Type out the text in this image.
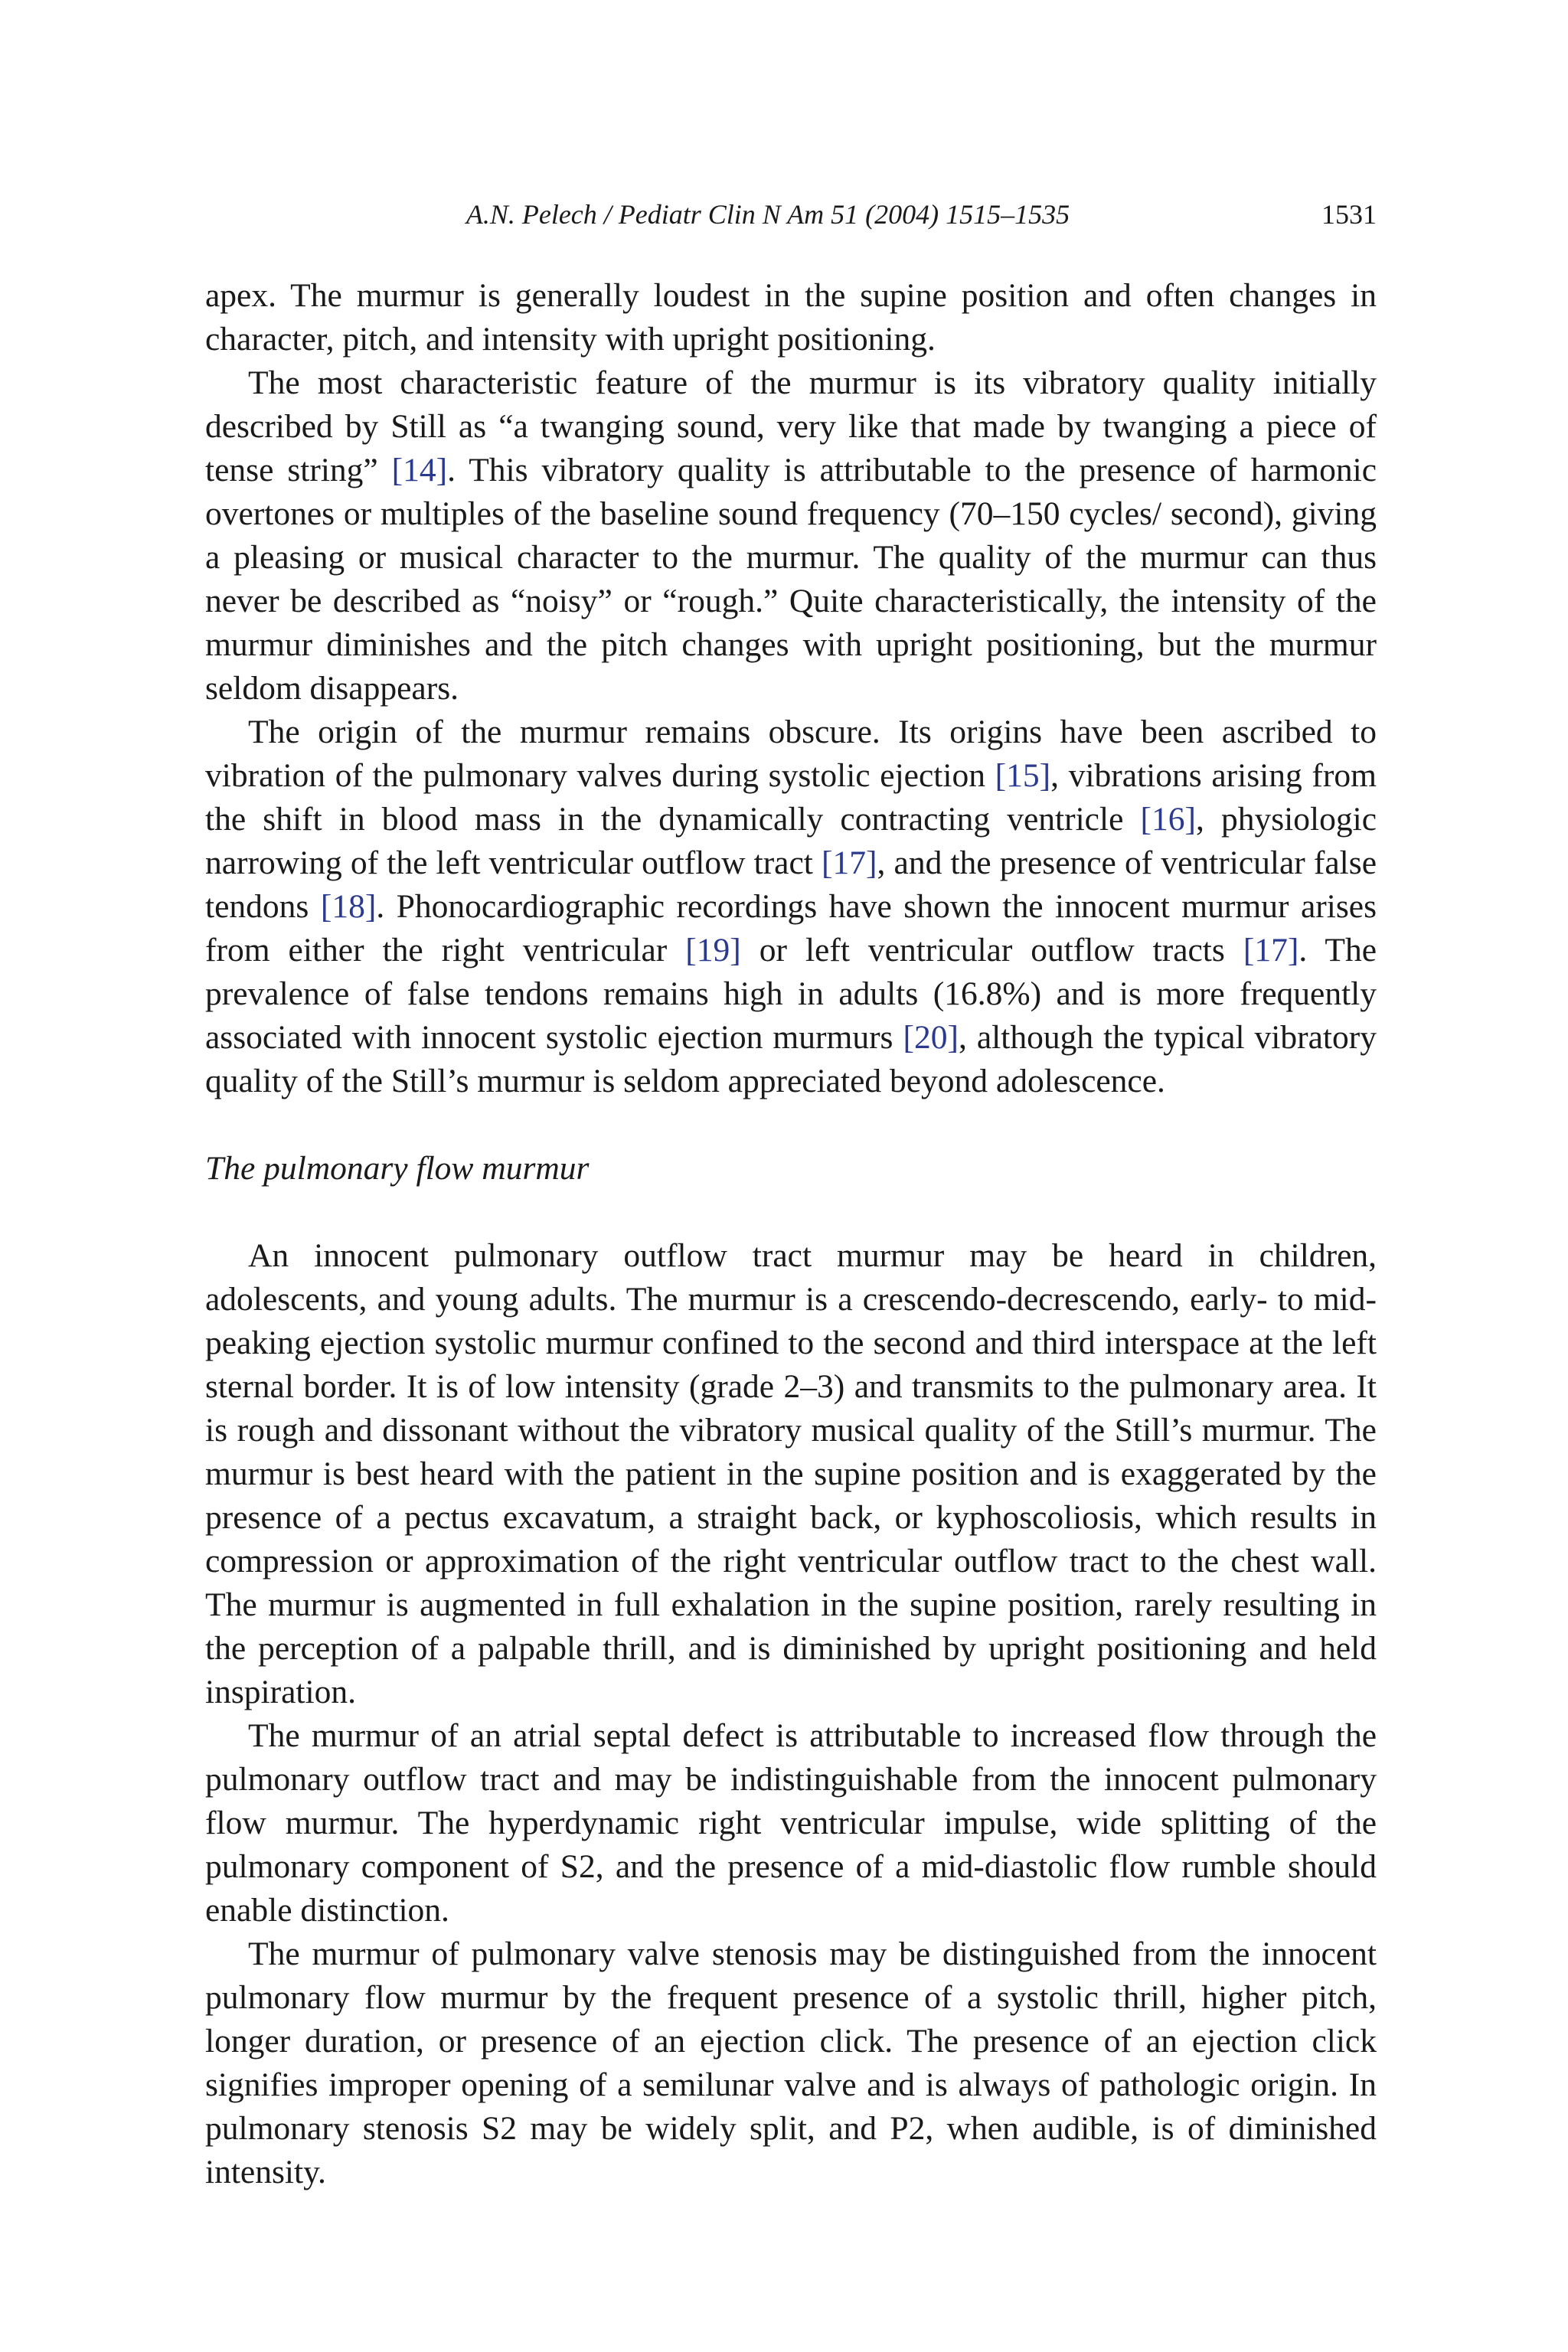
A.N. Pelech / Pediatr Clin N Am 51 (2004) 1515–1535	1531

apex. The murmur is generally loudest in the supine position and often changes in character, pitch, and intensity with upright positioning.

The most characteristic feature of the murmur is its vibratory quality initially described by Still as “a twanging sound, very like that made by twanging a piece of tense string” [14]. This vibratory quality is attributable to the presence of harmonic overtones or multiples of the baseline sound frequency (70–150 cycles/ second), giving a pleasing or musical character to the murmur. The quality of the murmur can thus never be described as “noisy” or “rough.” Quite characteristically, the intensity of the murmur diminishes and the pitch changes with upright positioning, but the murmur seldom disappears.

The origin of the murmur remains obscure. Its origins have been ascribed to vibration of the pulmonary valves during systolic ejection [15], vibrations arising from the shift in blood mass in the dynamically contracting ventricle [16], physiologic narrowing of the left ventricular outflow tract [17], and the presence of ventricular false tendons [18]. Phonocardiographic recordings have shown the innocent murmur arises from either the right ventricular [19] or left ventricular outflow tracts [17]. The prevalence of false tendons remains high in adults (16.8%) and is more frequently associated with innocent systolic ejection murmurs [20], although the typical vibratory quality of the Still’s murmur is seldom appreciated beyond adolescence.

The pulmonary flow murmur

An innocent pulmonary outflow tract murmur may be heard in children, adolescents, and young adults. The murmur is a crescendo-decrescendo, early- to mid-peaking ejection systolic murmur confined to the second and third interspace at the left sternal border. It is of low intensity (grade 2–3) and transmits to the pulmonary area. It is rough and dissonant without the vibratory musical quality of the Still’s murmur. The murmur is best heard with the patient in the supine position and is exaggerated by the presence of a pectus excavatum, a straight back, or kyphoscoliosis, which results in compression or approximation of the right ventricular outflow tract to the chest wall. The murmur is augmented in full exhalation in the supine position, rarely resulting in the perception of a palpable thrill, and is diminished by upright positioning and held inspiration.

The murmur of an atrial septal defect is attributable to increased flow through the pulmonary outflow tract and may be indistinguishable from the innocent pulmonary flow murmur. The hyperdynamic right ventricular impulse, wide splitting of the pulmonary component of S2, and the presence of a mid-diastolic flow rumble should enable distinction.

The murmur of pulmonary valve stenosis may be distinguished from the innocent pulmonary flow murmur by the frequent presence of a systolic thrill, higher pitch, longer duration, or presence of an ejection click. The presence of an ejection click signifies improper opening of a semilunar valve and is always of pathologic origin. In pulmonary stenosis S2 may be widely split, and P2, when audible, is of diminished intensity.
